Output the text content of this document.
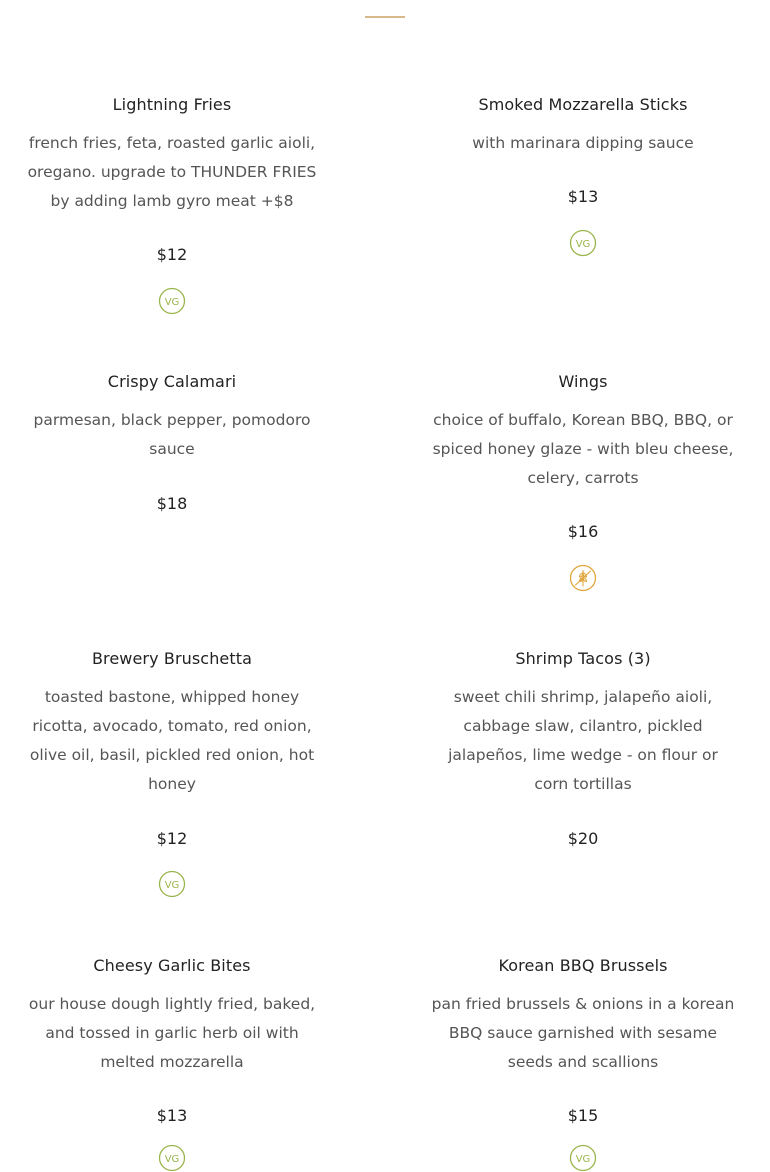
Lightning Fries
french fries, feta, roasted garlic aioli,
oregano. upgrade to THUNDER FRIES
by adding lamb gyro meat +$8
$12
VG
Smoked Mozzarella Sticks
with marinara dipping sauce
$13
VG
Crispy Calamari
parmesan, black pepper, pomodoro
sauce
$18
Wings
choice of buffalo, Korean BBQ, BBQ, or
spiced honey glaze - with bleu cheese,
celery, carrots
$16
Brewery Bruschetta
toasted bastone, whipped honey
ricotta, avocado, tomato, red onion,
olive oil, basil, pickled red onion, hot
honey
$12
VG
Shrimp Tacos (3)
sweet chili shrimp, jalapeño aioli,
cabbage slaw, cilantro, pickled
jalapeños, lime wedge - on flour or
corn tortillas
$20
Cheesy Garlic Bites
our house dough lightly fried, baked,
and tossed in garlic herb oil with
melted mozzarella
$13
VG
Korean BBQ Brussels
pan fried brussels & onions in a korean
BBQ sauce garnished with sesame
seeds and scallions
$15
VG
